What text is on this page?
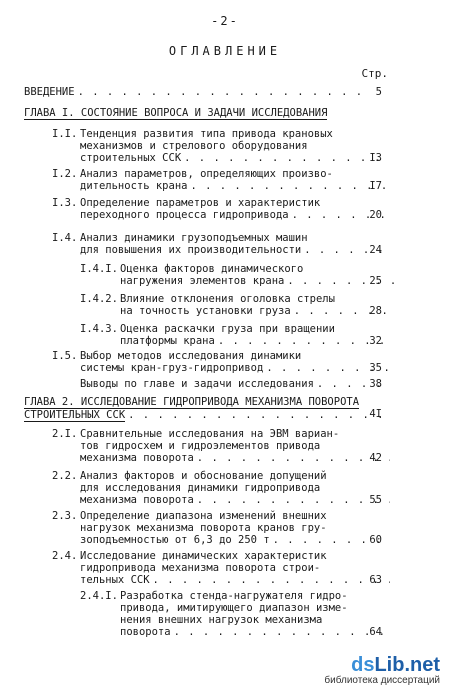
-2-
ОГЛАВЛЕНИЕ
Стр.
ВВЕДЕНИЕ . . .	5
ГЛАВА I. СОСТОЯНИЕ ВОПРОСА И ЗАДАЧИ ИССЛЕДОВАНИЯ
I.I. Тенденция развития типа привода крановых
механизмов и стрелового оборудования
строительных ССК . . .	I3
I.2. Анализ параметров, определяющих произво-
дительность крана . . .	I7
I.3. Определение параметров и характеристик
переходного процесса гидропривода . . .	20
I.4. Анализ динамики грузоподъемных машин
для повышения их производительности . . .	24
I.4.I. Оценка факторов динамического
нагружения элементов крана . . .	25
I.4.2. Влияние отклонения оголовка стрелы
на точность установки груза . . .	28
I.4.3. Оценка раскачки груза при вращении
платформы крана . . .	32
I.5. Выбор методов исследования динамики
системы кран-груз-гидропривод . . .	35
Выводы по главе и задачи исследования . . .	38
ГЛАВА 2. ИССЛЕДОВАНИЕ ГИДРОПРИВОДА МЕХАНИЗМА ПОВОРОТА
СТРОИТЕЛЬНЫХ ССК . . .	4I
2.I. Сравнительные исследования на ЭВМ вариан-
тов гидросхем и гидроэлементов привода
механизма поворота . . .	42
2.2. Анализ факторов и обоснование допущений
для исследования динамики гидропривода
механизма поворота . . .	55
2.3. Определение диапазона изменений внешних
нагрузок механизма поворота кранов гру-
зоподъемностью от 6,3 до 250 т . . .	60
2.4. Исследование динамических характеристик
гидропривода механизма поворота строи-
тельных ССК . . .	63
2.4.I. Разработка стенда-нагружателя гидро-
привода, имитирующего диапазон изме-
нения внешних нагрузок механизма
поворота . . .	64
dsLib.net
библиотека диссертаций
